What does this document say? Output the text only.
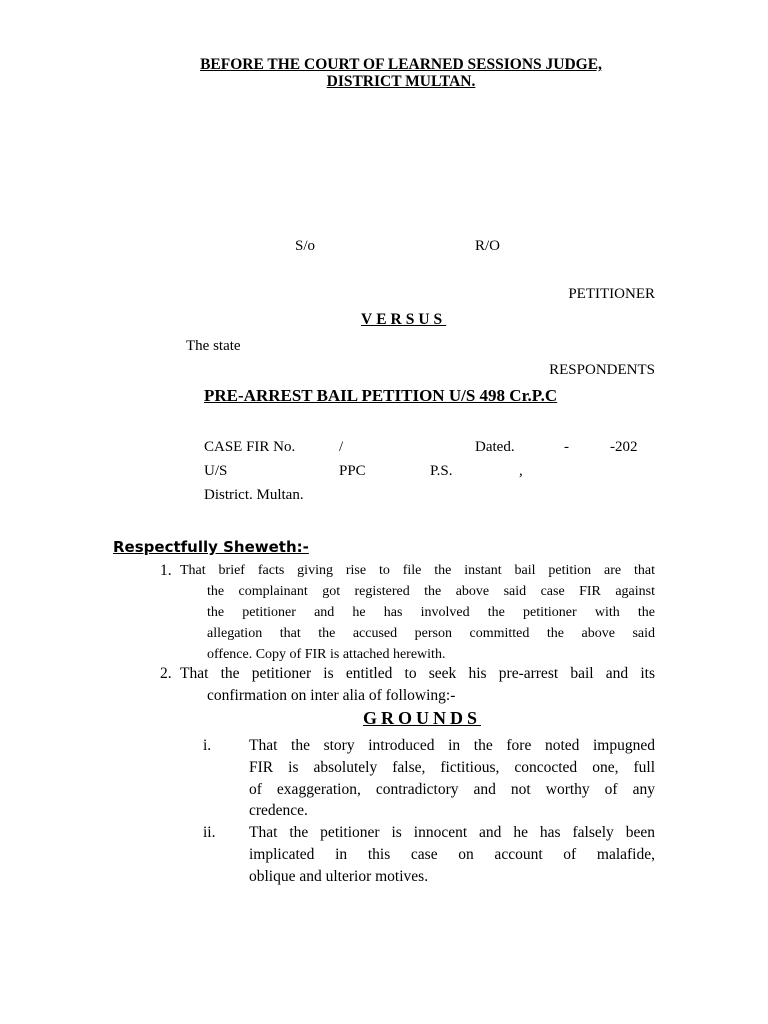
BEFORE THE COURT OF LEARNED SESSIONS JUDGE,
DISTRICT MULTAN.
S/o	R/O
PETITIONER
VERSUS
The state
RESPONDENTS
PRE-ARREST BAIL PETITION U/S 498 Cr.P.C
CASE FIR No.	/	Dated.	-	-202
U/S	PPC	P.S.	,
District. Multan.
Respectfully Sheweth:-
1. That brief facts giving rise to file the instant bail petition are that
the complainant got registered the above said case FIR against
the petitioner and he has involved the petitioner with the
allegation that the accused person committed the above said
offence. Copy of FIR is attached herewith.
2. That the petitioner is entitled to seek his pre-arrest bail and its
confirmation on inter alia of following:-
GROUNDS
i. That the story introduced in the fore noted impugned
FIR is absolutely false, fictitious, concocted one, full
of exaggeration, contradictory and not worthy of any
credence.
ii. That the petitioner is innocent and he has falsely been
implicated in this case on account of malafide,
oblique and ulterior motives.
